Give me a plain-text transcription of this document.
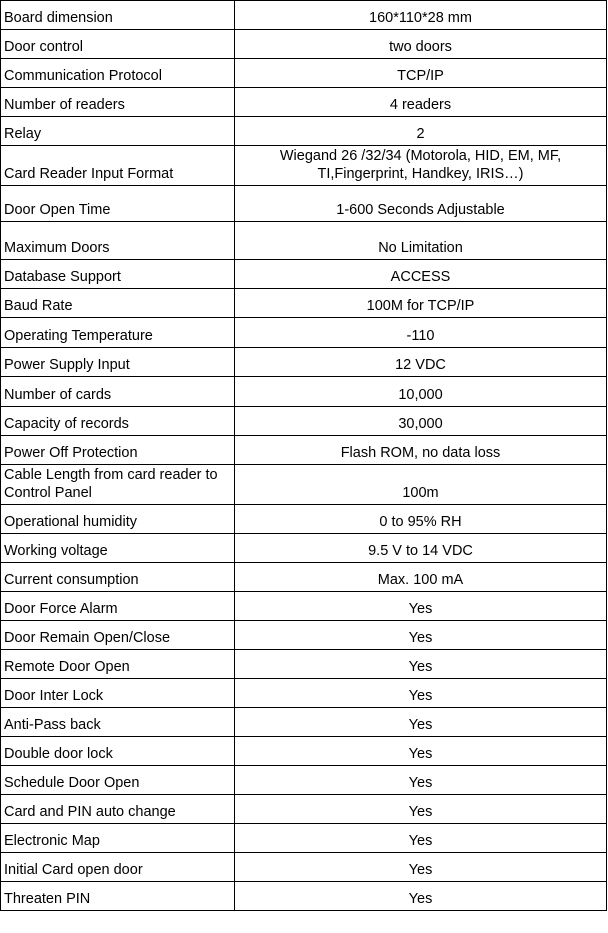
Board dimension	160*110*28 mm
Door control	two doors
Communication Protocol	TCP/IP
Number of readers	4 readers
Relay	2
Card Reader Input Format	Wiegand 26 /32/34 (Motorola, HID, EM, MF, TI,Fingerprint, Handkey, IRIS…)
Door Open Time	1-600 Seconds Adjustable
Maximum Doors	No Limitation
Database Support	ACCESS
Baud Rate	100M for TCP/IP
Operating Temperature	-110
Power Supply Input	12 VDC
Number of cards	10,000
Capacity of records	30,000
Power Off Protection	Flash ROM, no data loss
Cable Length from card reader to Control Panel	100m
Operational humidity	0 to 95% RH
Working voltage	9.5 V to 14 VDC
Current consumption	Max. 100 mA
Door Force Alarm	Yes
Door Remain Open/Close	Yes
Remote Door Open	Yes
Door Inter Lock	Yes
Anti-Pass back	Yes
Double door lock	Yes
Schedule Door Open	Yes
Card and PIN auto change	Yes
Electronic Map	Yes
Initial Card open door	Yes
Threaten PIN	Yes
